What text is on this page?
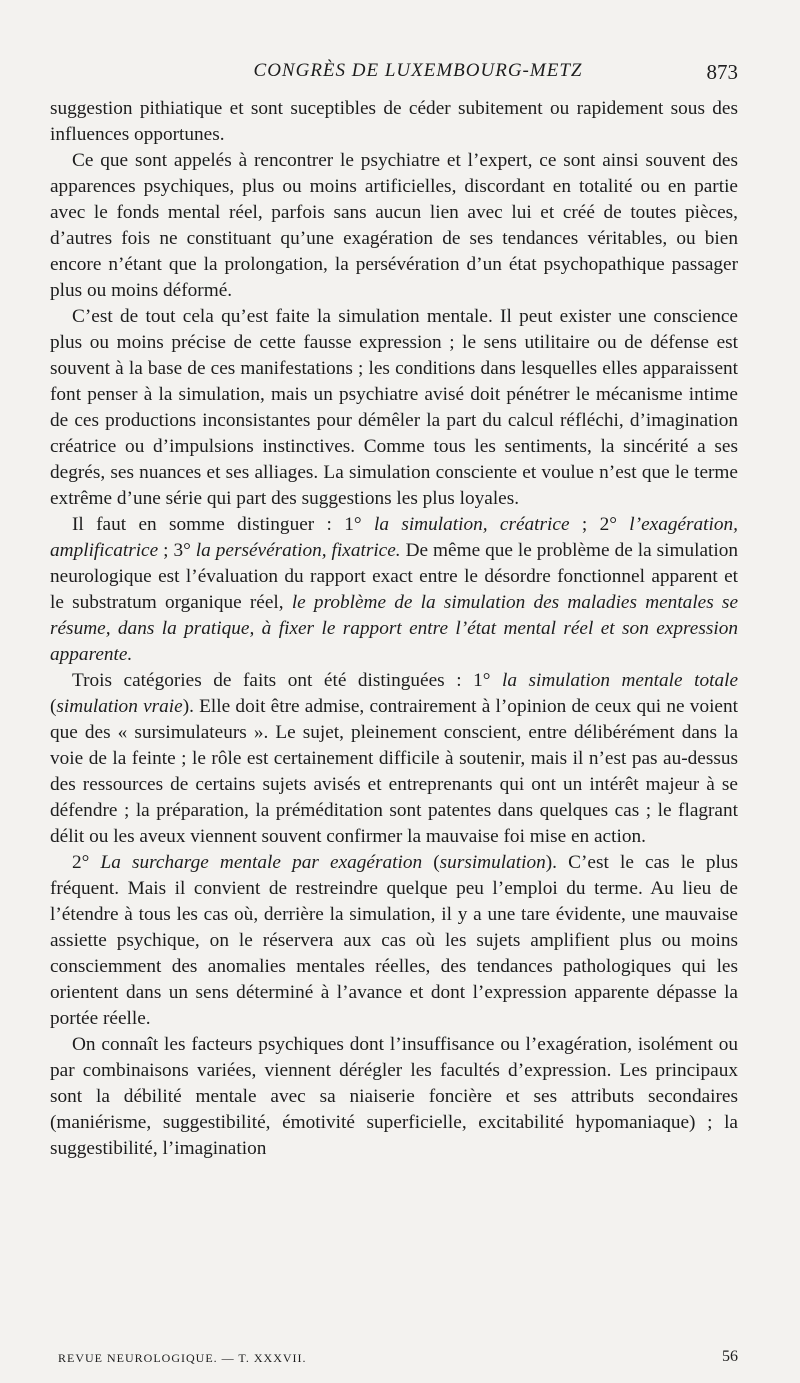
CONGRÈS DE LUXEMBOURG-METZ	873

suggestion pithiatique et sont suceptibles de céder subitement ou rapidement sous des influences opportunes.

Ce que sont appelés à rencontrer le psychiatre et l’expert, ce sont ainsi souvent des apparences psychiques, plus ou moins artificielles, discordant en totalité ou en partie avec le fonds mental réel, parfois sans aucun lien avec lui et créé de toutes pièces, d’autres fois ne constituant qu’une exagération de ses tendances véritables, ou bien encore n’étant que la prolongation, la persévération d’un état psychopathique passager plus ou moins déformé.

C’est de tout cela qu’est faite la simulation mentale. Il peut exister une conscience plus ou moins précise de cette fausse expression ; le sens utilitaire ou de défense est souvent à la base de ces manifestations ; les conditions dans lesquelles elles apparaissent font penser à la simulation, mais un psychiatre avisé doit pénétrer le mécanisme intime de ces productions inconsistantes pour démêler la part du calcul réfléchi, d’imagination créatrice ou d’impulsions instinctives. Comme tous les sentiments, la sincérité a ses degrés, ses nuances et ses alliages. La simulation consciente et voulue n’est que le terme extrême d’une série qui part des suggestions les plus loyales.

Il faut en somme distinguer : 1° la simulation, créatrice ; 2° l’exagération, amplificatrice ; 3° la persévération, fixatrice. De même que le problème de la simulation neurologique est l’évaluation du rapport exact entre le désordre fonctionnel apparent et le substratum organique réel, le problème de la simulation des maladies mentales se résume, dans la pratique, à fixer le rapport entre l’état mental réel et son expression apparente.

Trois catégories de faits ont été distinguées : 1° la simulation mentale totale (simulation vraie). Elle doit être admise, contrairement à l’opinion de ceux qui ne voient que des « sursimulateurs ». Le sujet, pleinement conscient, entre délibérément dans la voie de la feinte ; le rôle est certainement difficile à soutenir, mais il n’est pas au-dessus des ressources de certains sujets avisés et entreprenants qui ont un intérêt majeur à se défendre ; la préparation, la préméditation sont patentes dans quelques cas ; le flagrant délit ou les aveux viennent souvent confirmer la mauvaise foi mise en action.

2° La surcharge mentale par exagération (sursimulation). C’est le cas le plus fréquent. Mais il convient de restreindre quelque peu l’emploi du terme. Au lieu de l’étendre à tous les cas où, derrière la simulation, il y a une tare évidente, une mauvaise assiette psychique, on le réservera aux cas où les sujets amplifient plus ou moins consciemment des anomalies mentales réelles, des tendances pathologiques qui les orientent dans un sens déterminé à l’avance et dont l’expression apparente dépasse la portée réelle.

On connaît les facteurs psychiques dont l’insuffisance ou l’exagération, isolément ou par combinaisons variées, viennent dérégler les facultés d’expression. Les principaux sont la débilité mentale avec sa niaiserie foncière et ses attributs secondaires (maniérisme, suggestibilité, émotivité superficielle, excitabilité hypomaniaque) ; la suggestibilité, l’imagination

REVUE NEUROLOGIQUE. — T. XXXVII.	56
